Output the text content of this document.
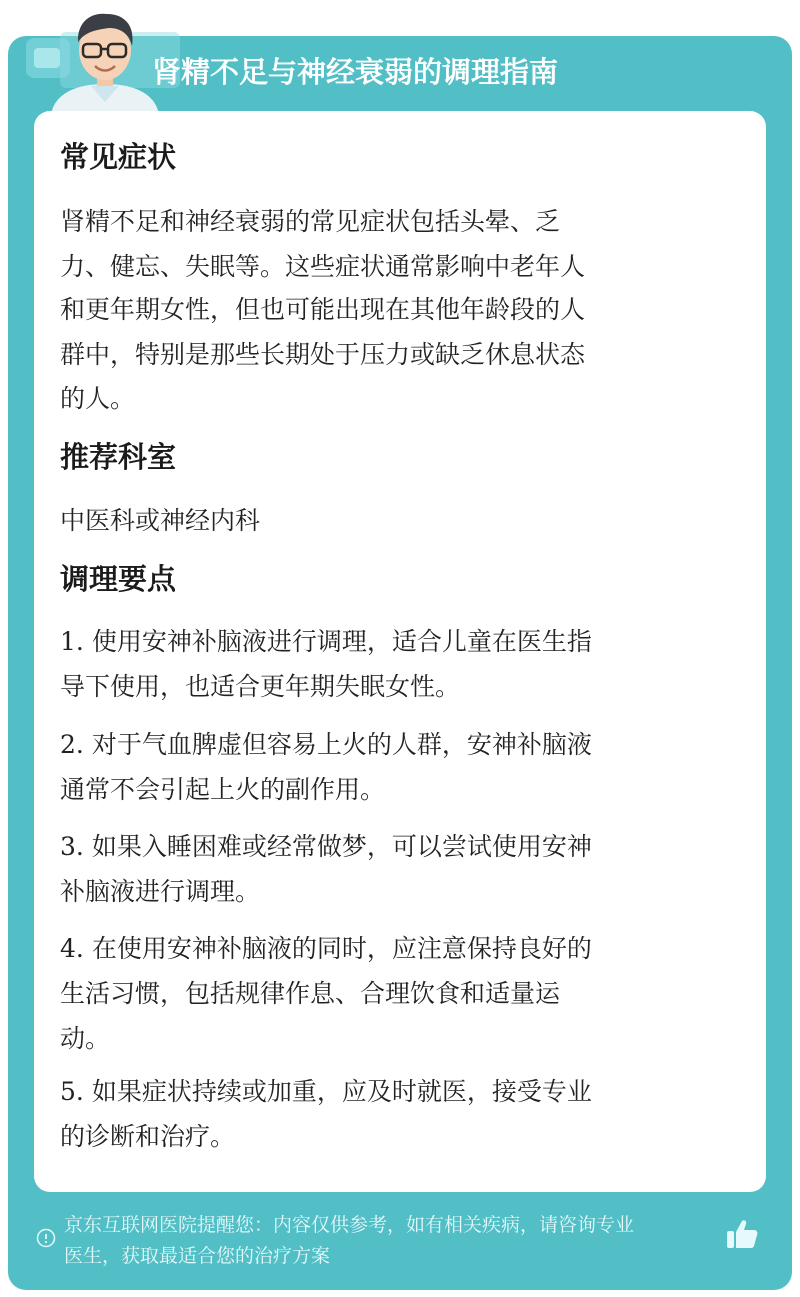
肾精不足与神经衰弱的调理指南
常见症状
肾精不足和神经衰弱的常见症状包括头晕、乏
力、健忘、失眠等。这些症状通常影响中老年人
和更年期女性，但也可能出现在其他年龄段的人
群中，特别是那些长期处于压力或缺乏休息状态
的人。
推荐科室
中医科或神经内科
调理要点
1. 使用安神补脑液进行调理，适合儿童在医生指
导下使用，也适合更年期失眠女性。
2. 对于气血脾虚但容易上火的人群，安神补脑液
通常不会引起上火的副作用。
3. 如果入睡困难或经常做梦，可以尝试使用安神
补脑液进行调理。
4. 在使用安神补脑液的同时，应注意保持良好的
生活习惯，包括规律作息、合理饮食和适量运
动。
5. 如果症状持续或加重，应及时就医，接受专业
的诊断和治疗。
京东互联网医院提醒您：内容仅供参考，如有相关疾病，请咨询专业
医生，获取最适合您的治疗方案
